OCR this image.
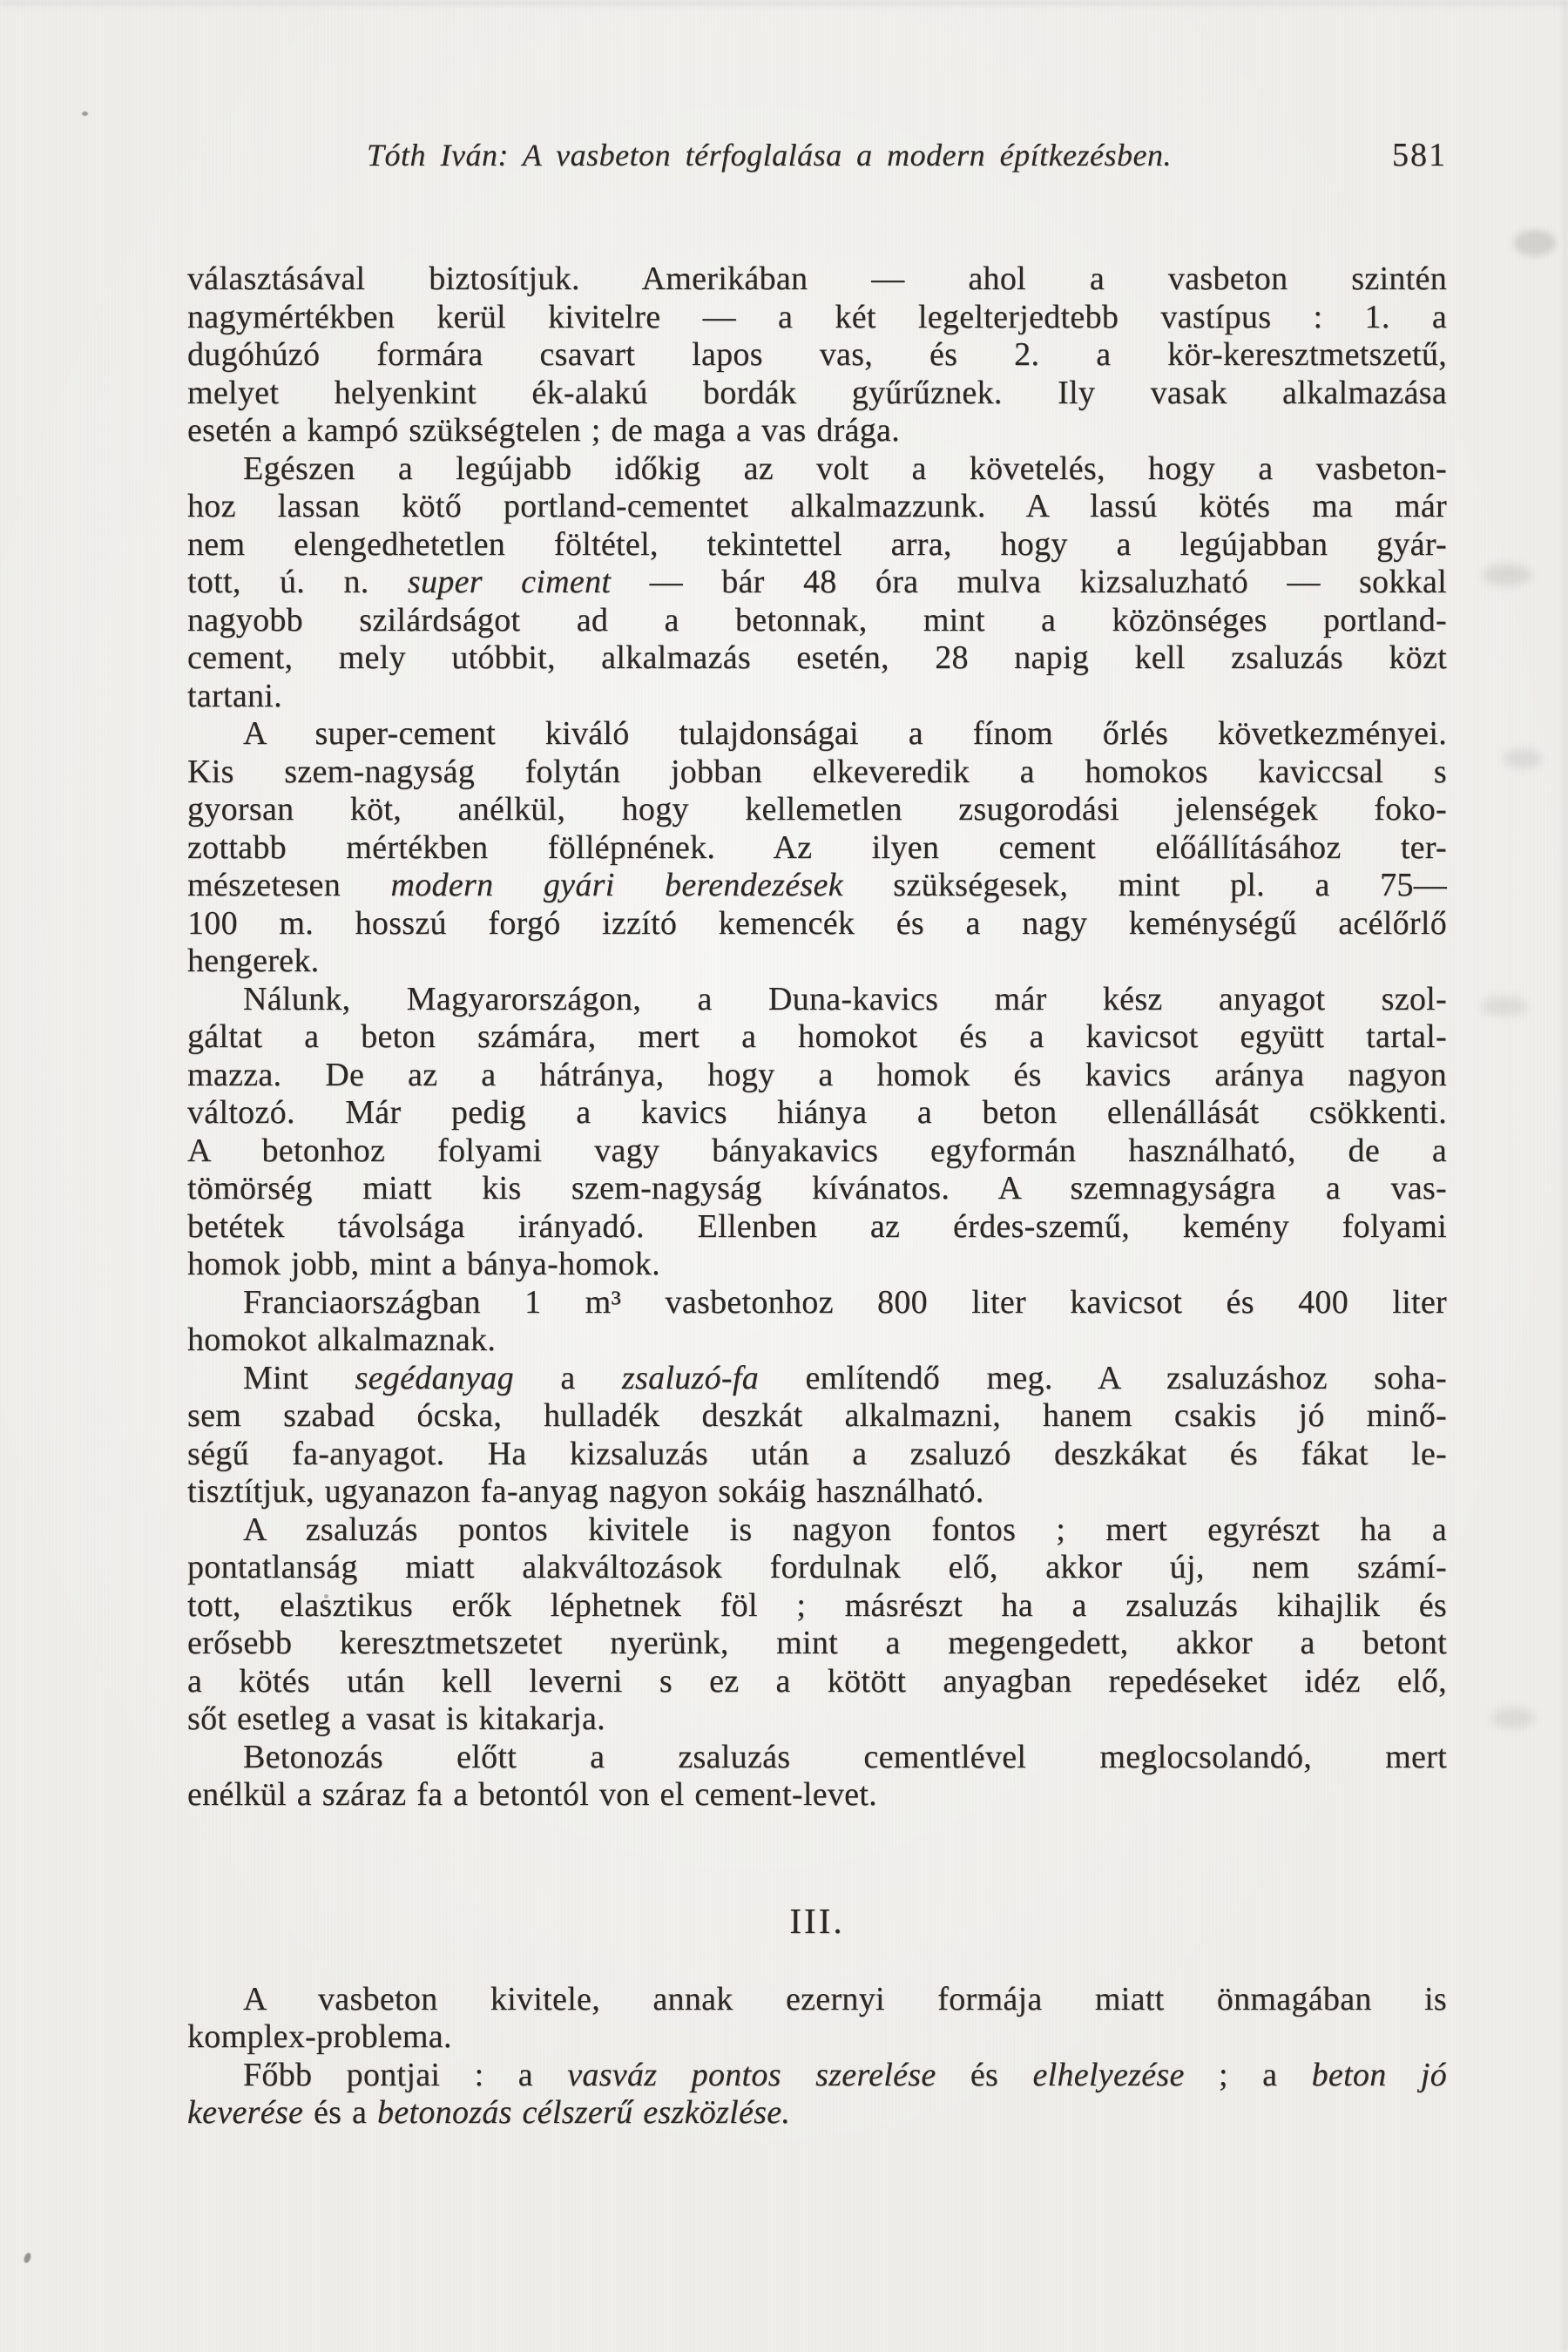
Tóth Iván: A vasbeton térfoglalása a modern építkezésben.	581
választásával biztosítjuk. Amerikában — ahol a vasbeton szintén
nagymértékben kerül kivitelre — a két legelterjedtebb vastípus : 1. a
dugóhúzó formára csavart lapos vas, és 2. a kör-keresztmetszetű,
melyet helyenkint ék-alakú bordák gyűrűznek. Ily vasak alkalmazása
esetén a kampó szükségtelen ; de maga a vas drága.
Egészen a legújabb időkig az volt a követelés, hogy a vasbeton-
hoz lassan kötő portland-cementet alkalmazzunk. A lassú kötés ma már
nem elengedhetetlen föltétel, tekintettel arra, hogy a legújabban gyár-
tott, ú. n. super ciment — bár 48 óra mulva kizsaluzható — sokkal
nagyobb szilárdságot ad a betonnak, mint a közönséges portland-
cement, mely utóbbit, alkalmazás esetén, 28 napig kell zsaluzás közt
tartani.
A super-cement kiváló tulajdonságai a fínom őrlés következményei.
Kis szem-nagyság folytán jobban elkeveredik a homokos kaviccsal s
gyorsan köt, anélkül, hogy kellemetlen zsugorodási jelenségek foko-
zottabb mértékben föllépnének. Az ilyen cement előállításához ter-
mészetesen modern gyári berendezések szükségesek, mint pl. a 75—
100 m. hosszú forgó izzító kemencék és a nagy keménységű acélőrlő
hengerek.
Nálunk, Magyarországon, a Duna-kavics már kész anyagot szol-
gáltat a beton számára, mert a homokot és a kavicsot együtt tartal-
mazza. De az a hátránya, hogy a homok és kavics aránya nagyon
változó. Már pedig a kavics hiánya a beton ellenállását csökkenti.
A betonhoz folyami vagy bányakavics egyformán használható, de a
tömörség miatt kis szem-nagyság kívánatos. A szemnagyságra a vas-
betétek távolsága irányadó. Ellenben az érdes-szemű, kemény folyami
homok jobb, mint a bánya-homok.
Franciaországban 1 m³ vasbetonhoz 800 liter kavicsot és 400 liter
homokot alkalmaznak.
Mint segédanyag a zsaluzó-fa említendő meg. A zsaluzáshoz soha-
sem szabad ócska, hulladék deszkát alkalmazni, hanem csakis jó minő-
ségű fa-anyagot. Ha kizsaluzás után a zsaluzó deszkákat és fákat le-
tisztítjuk, ugyanazon fa-anyag nagyon sokáig használható.
A zsaluzás pontos kivitele is nagyon fontos ; mert egyrészt ha a
pontatlanság miatt alakváltozások fordulnak elő, akkor új, nem számí-
tott, elasztikus erők léphetnek föl ; másrészt ha a zsaluzás kihajlik és
erősebb keresztmetszetet nyerünk, mint a megengedett, akkor a betont
a kötés után kell leverni s ez a kötött anyagban repedéseket idéz elő,
sőt esetleg a vasat is kitakarja.
Betonozás előtt a zsaluzás cementlével meglocsolandó, mert
enélkül a száraz fa a betontól von el cement-levet.
III.
A vasbeton kivitele, annak ezernyi formája miatt önmagában is
komplex-problema.
Főbb pontjai : a vasváz pontos szerelése és elhelyezése ; a beton jó
keverése és a betonozás célszerű eszközlése.
